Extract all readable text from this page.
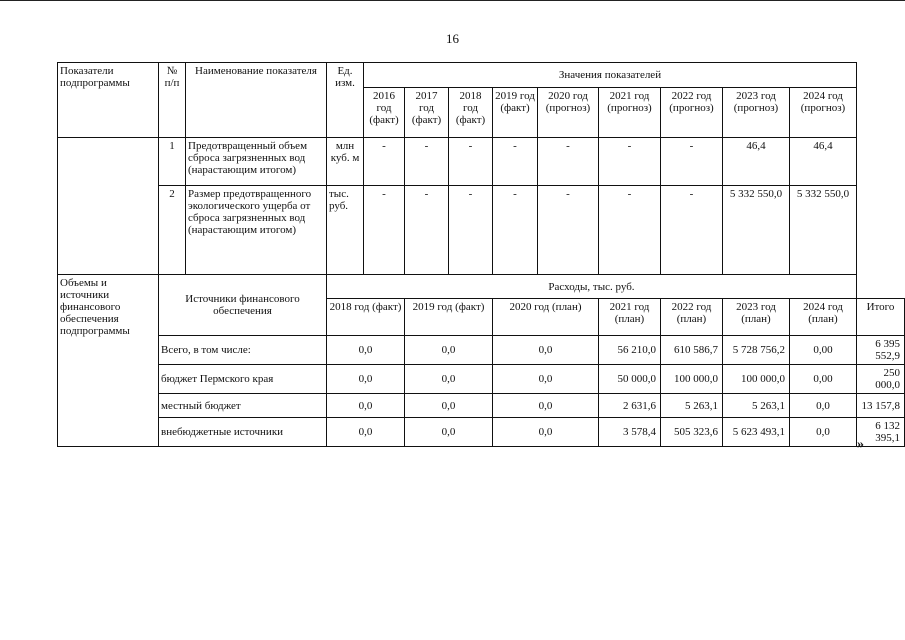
16
Показатели подпрограммы	№ п/п	Наименование показателя	Ед. изм.	Значения показателей									
				2016 год (факт)	2017 год (факт)	2018 год (факт)	2019 год (факт)	2020 год (прогноз)	2021 год (прогноз)	2022 год (прогноз)	2023 год (прогноз)	2024 год (прогноз)	
	1	Предотвращенный объем сброса загрязненных вод (нарастающим итогом)	млн куб. м	-	-	-	-	-	-	-	46,4	46,4	
	2	Размер предотвращенного экологического ущерба от сброса загрязненных вод (нарастающим итогом)	тыс. руб.	-	-	-	-	-	-	-	5 332 550,0	5 332 550,0	
Объемы и источники финансового обеспечения подпрограммы	Источники финансового обеспечения		Расходы, тыс. руб.										
			2018 год (факт)		2019 год (факт)		2020 год (план)		2021 год (план)	2022 год (план)	2023 год (план)	2024 год (план)	Итого
	Всего, в том числе:		0,0		0,0		0,0		56 210,0	610 586,7	5 728 756,2	0,00	6 395 552,9
	бюджет Пермского края		0,0		0,0		0,0		50 000,0	100 000,0	100 000,0	0,00	250 000,0
	местный бюджет		0,0		0,0		0,0		2 631,6	5 263,1	5 263,1	0,0	13 157,8
	внебюджетные источники		0,0		0,0		0,0		3 578,4	505 323,6	5 623 493,1	0,0	6 132 395,1
»
